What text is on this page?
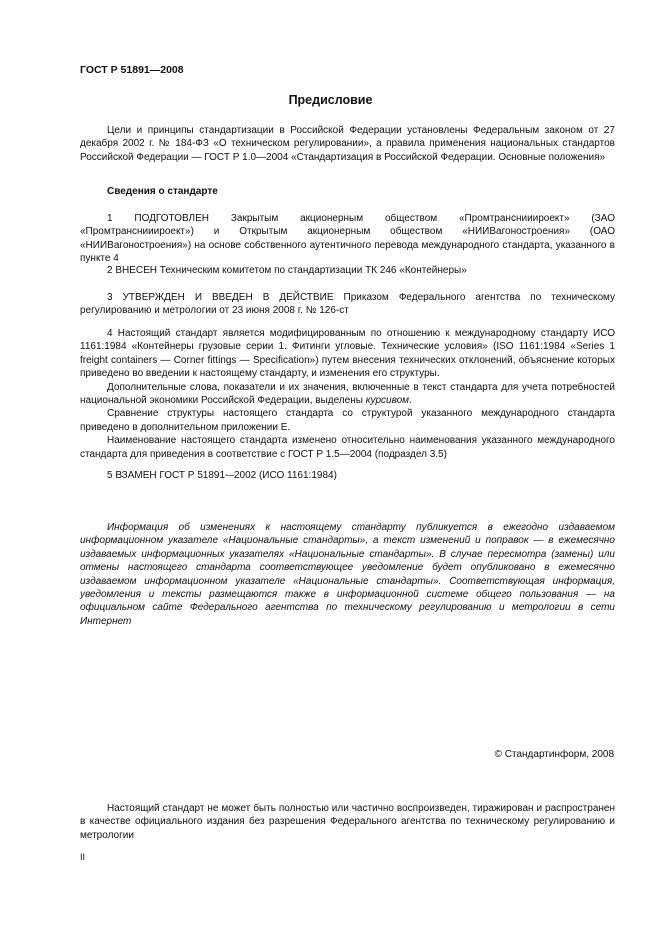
ГОСТ Р 51891—2008
Предисловие

Цели и принципы стандартизации в Российской Федерации установлены Федеральным законом от 27 декабря 2002 г. № 184-ФЗ «О техническом регулировании», а правила применения национальных стандартов Российской Федерации — ГОСТ Р 1.0—2004 «Стандартизация в Российской Федерации. Основные положения»

Сведения о стандарте

1 ПОДГОТОВЛЕН Закрытым акционерным обществом «Промтранснииироект» (ЗАО «Промтранснииироект») и Открытым акционерным обществом «НИИВагоностроения» (ОАО «НИИВагоностроения») на основе собственного аутентичного перевода международного стандарта, указанного в пункте 4

2 ВНЕСЕН Техническим комитетом по стандартизации ТК 246 «Контейнеры»

3 УТВЕРЖДЕН И ВВЕДЕН В ДЕЙСТВИЕ Приказом Федерального агентства по техническому регулированию и метрологии от 23 июня 2008 г. № 126-ст

4 Настоящий стандарт является модифицированным по отношению к международному стандарту ИСО 1161:1984 «Контейнеры грузовые серии 1. Фитинги угловые. Технические условия» (ISO 1161:1984 «Series 1 freight containers — Corner fittings — Specification») путем внесения технических отклонений, объяснение которых приведено во введении к настоящему стандарту, и изменения его структуры.

Дополнительные слова, показатели и их значения, включенные в текст стандарта для учета потребностей национальной экономики Российской Федерации, выделены курсивом.

Сравнение структуры настоящего стандарта со структурой указанного международного стандарта приведено в дополнительном приложении Е.

Наименование настоящего стандарта изменено относительно наименования указанного международного стандарта для приведения в соответствие с ГОСТ Р 1.5—2004 (подраздел 3.5)

5 ВЗАМЕН ГОСТ Р 51891-–2002 (ИСО 1161:1984)

Информация об изменениях к настоящему стандарту публикуется в ежегодно издаваемом информационном указателе «Национальные стандарты», а текст изменений и поправок — в ежемесячно издаваемых информационных указателях «Национальные стандарты». В случае пересмотра (замены) или отмены настоящего стандарта соответствующее уведомление будет опубликовано в ежемесячно издаваемом информационном указателе «Национальные стандарты». Соответствующая информация, уведомления и тексты размещаются также в информационной системе общего пользования — на официальном сайте Федерального агентства по техническому регулированию и метрологии в сети Интернет

© Стандартинформ, 2008

Настоящий стандарт не может быть полностью или частично воспроизведен, тиражирован и распространен в качестве официального издания без разрешения Федерального агентства по техническому регулированию и метрологии

II
